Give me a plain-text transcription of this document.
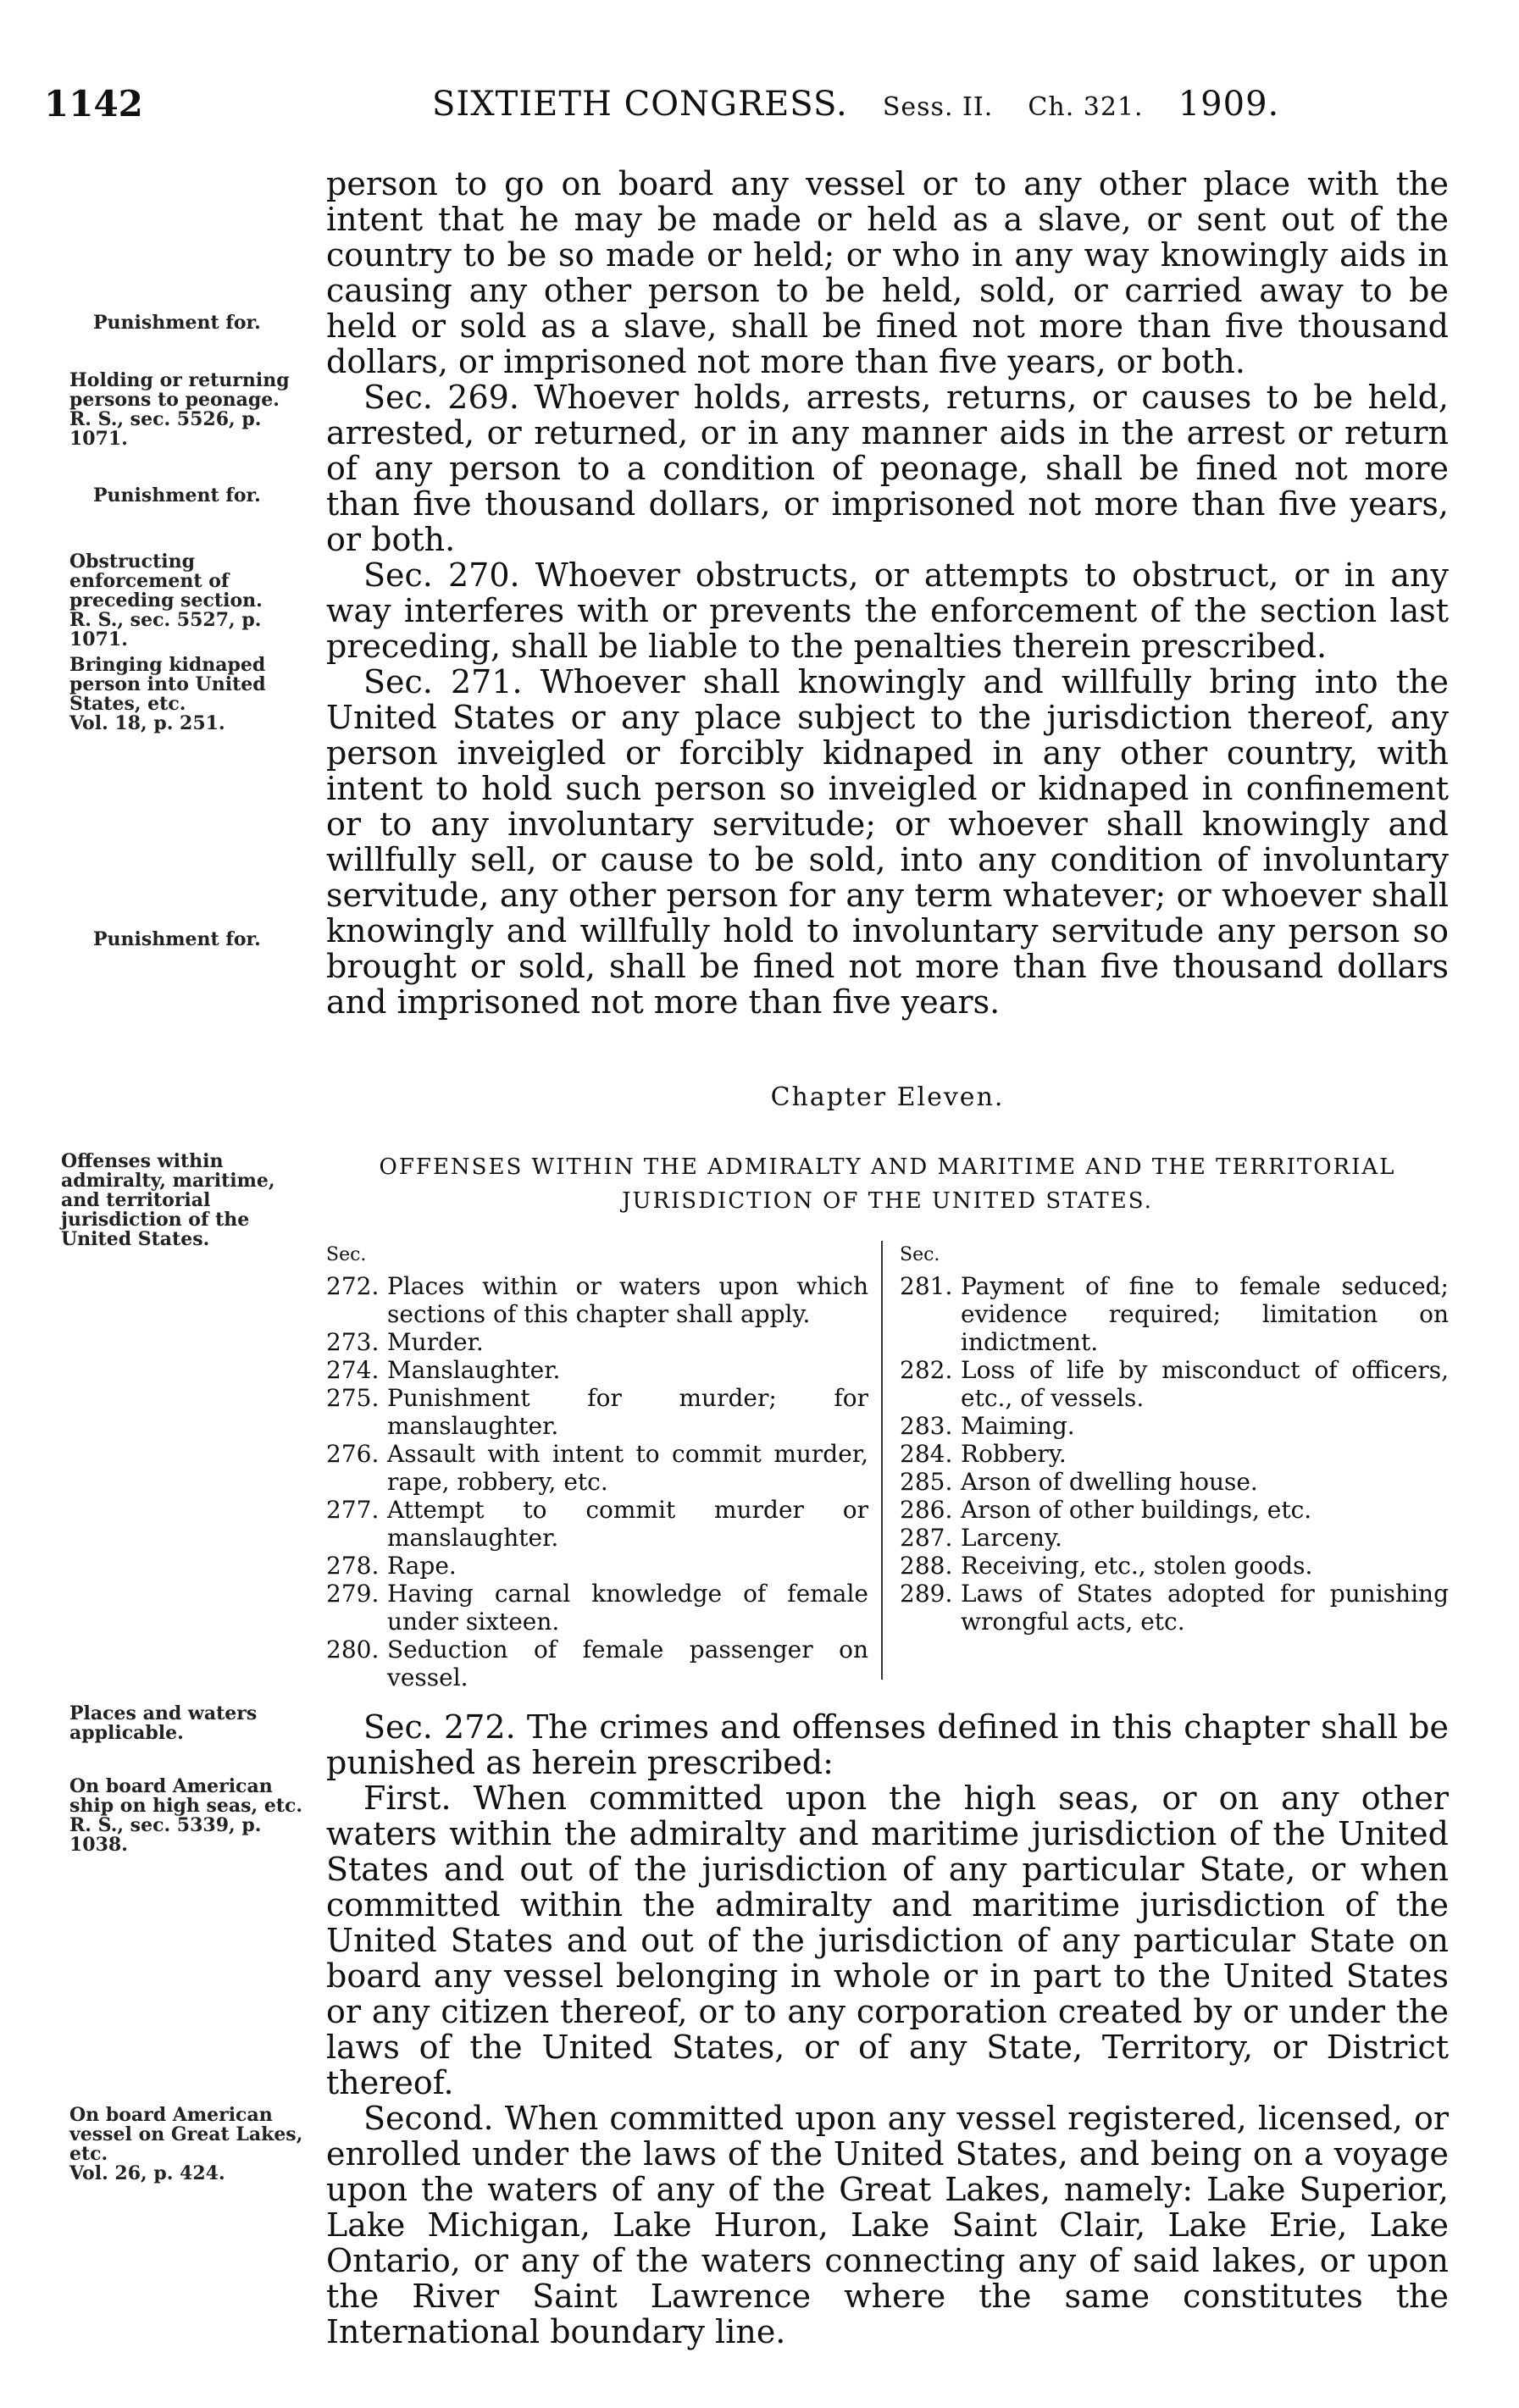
1142	SIXTIETH CONGRESS. Sess. II. Ch. 321. 1909.

person to go on board any vessel or to any other place with the intent that he may be made or held as a slave, or sent out of the country to be so made or held; or who in any way knowingly aids in causing any other person to be held, sold, or carried away to be held or sold as a slave, shall be fined not more than five thousand dollars, or imprisoned not more than five years, or both.

Sec. 269. Whoever holds, arrests, returns, or causes to be held, arrested, or returned, or in any manner aids in the arrest or return of any person to a condition of peonage, shall be fined not more than five thousand dollars, or imprisoned not more than five years, or both.

Sec. 270. Whoever obstructs, or attempts to obstruct, or in any way interferes with or prevents the enforcement of the section last preceding, shall be liable to the penalties therein prescribed.

Sec. 271. Whoever shall knowingly and willfully bring into the United States or any place subject to the jurisdiction thereof, any person inveigled or forcibly kidnaped in any other country, with intent to hold such person so inveigled or kidnaped in confinement or to any involuntary servitude; or whoever shall knowingly and willfully sell, or cause to be sold, into any condition of involuntary servitude, any other person for any term whatever; or whoever shall knowingly and willfully hold to involuntary servitude any person so brought or sold, shall be fined not more than five thousand dollars and imprisoned not more than five years.

Punishment for.
Holding or returning persons to peonage.
R. S., sec. 5526, p. 1071.
Punishment for.
Obstructing enforcement of preceding section.
R. S., sec. 5527, p. 1071.
Bringing kidnaped person into United States, etc.
Vol. 18, p. 251.
Punishment for.
Chapter Eleven.
OFFENSES WITHIN THE ADMIRALTY AND MARITIME AND THE TERRITORIAL JURISDICTION OF THE UNITED STATES.
Offenses within admiralty, maritime, and territorial jurisdiction of the United States.
Sec.
272. Places within or waters upon which sections of this chapter shall apply.
273. Murder.
274. Manslaughter.
275. Punishment for murder; for manslaughter.
276. Assault with intent to commit murder, rape, robbery, etc.
277. Attempt to commit murder or manslaughter.
278. Rape.
279. Having carnal knowledge of female under sixteen.
280. Seduction of female passenger on vessel.
Sec.
281. Payment of fine to female seduced; evidence required; limitation on indictment.
282. Loss of life by misconduct of officers, etc., of vessels.
283. Maiming.
284. Robbery.
285. Arson of dwelling house.
286. Arson of other buildings, etc.
287. Larceny.
288. Receiving, etc., stolen goods.
289. Laws of States adopted for punishing wrongful acts, etc.

Sec. 272. The crimes and offenses defined in this chapter shall be punished as herein prescribed:

First. When committed upon the high seas, or on any other waters within the admiralty and maritime jurisdiction of the United States and out of the jurisdiction of any particular State, or when committed within the admiralty and maritime jurisdiction of the United States and out of the jurisdiction of any particular State on board any vessel belonging in whole or in part to the United States or any citizen thereof, or to any corporation created by or under the laws of the United States, or of any State, Territory, or District thereof.

Second. When committed upon any vessel registered, licensed, or enrolled under the laws of the United States, and being on a voyage upon the waters of any of the Great Lakes, namely: Lake Superior, Lake Michigan, Lake Huron, Lake Saint Clair, Lake Erie, Lake Ontario, or any of the waters connecting any of said lakes, or upon the River Saint Lawrence where the same constitutes the International boundary line.

Places and waters applicable.
On board American ship on high seas, etc.
R. S., sec. 5339, p. 1038.
On board American vessel on Great Lakes, etc.
Vol. 26, p. 424.
